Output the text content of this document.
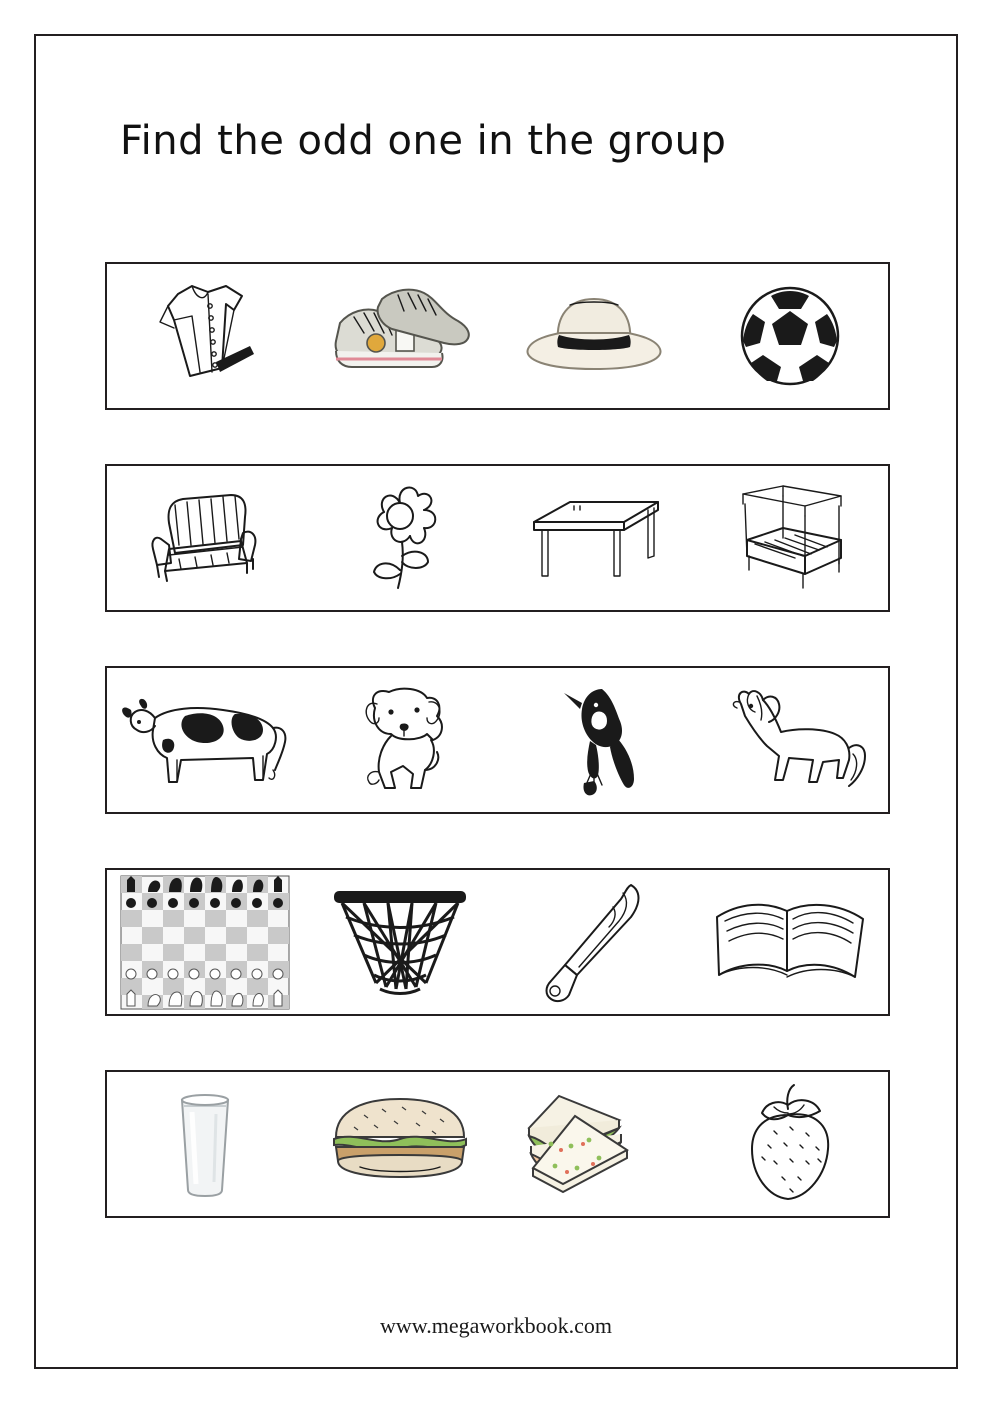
Find the odd one in the group
www.megaworkbook.com
